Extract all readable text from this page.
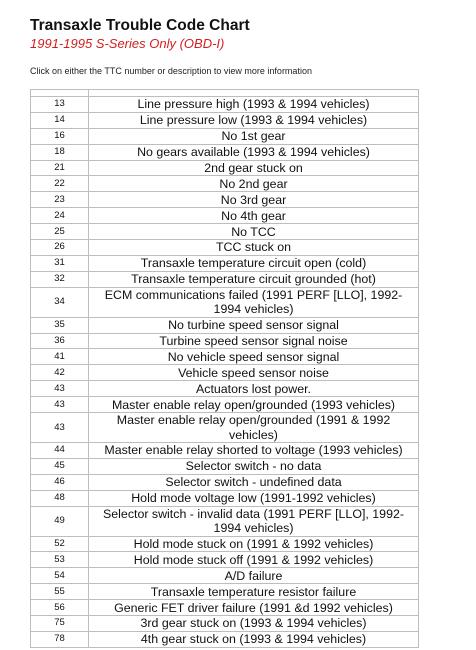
Transaxle Trouble Code Chart
1991-1995 S-Series Only (OBD-I)
Click on either the TTC number or description to view more information

13	Line pressure high (1993 & 1994 vehicles)
14	Line pressure low (1993 & 1994 vehicles)
16	No 1st gear
18	No gears available (1993 & 1994 vehicles)
21	2nd gear stuck on
22	No 2nd gear
23	No 3rd gear
24	No 4th gear
25	No TCC
26	TCC stuck on
31	Transaxle temperature circuit open (cold)
32	Transaxle temperature circuit grounded (hot)
34	ECM communications failed (1991 PERF [LLO], 1992-1994 vehicles)
35	No turbine speed sensor signal
36	Turbine speed sensor signal noise
41	No vehicle speed sensor signal
42	Vehicle speed sensor noise
43	Actuators lost power.
43	Master enable relay open/grounded (1993 vehicles)
43	Master enable relay open/grounded (1991 & 1992 vehicles)
44	Master enable relay shorted to voltage (1993 vehicles)
45	Selector switch - no data
46	Selector switch - undefined data
48	Hold mode voltage low (1991-1992 vehicles)
49	Selector switch - invalid data (1991 PERF [LLO], 1992-1994 vehicles)
52	Hold mode stuck on (1991 & 1992 vehicles)
53	Hold mode stuck off (1991 & 1992 vehicles)
54	A/D failure
55	Transaxle temperature resistor failure
56	Generic FET driver failure (1991 &d 1992 vehicles)
75	3rd gear stuck on (1993 & 1994 vehicles)
78	4th gear stuck on (1993 & 1994 vehicles)
